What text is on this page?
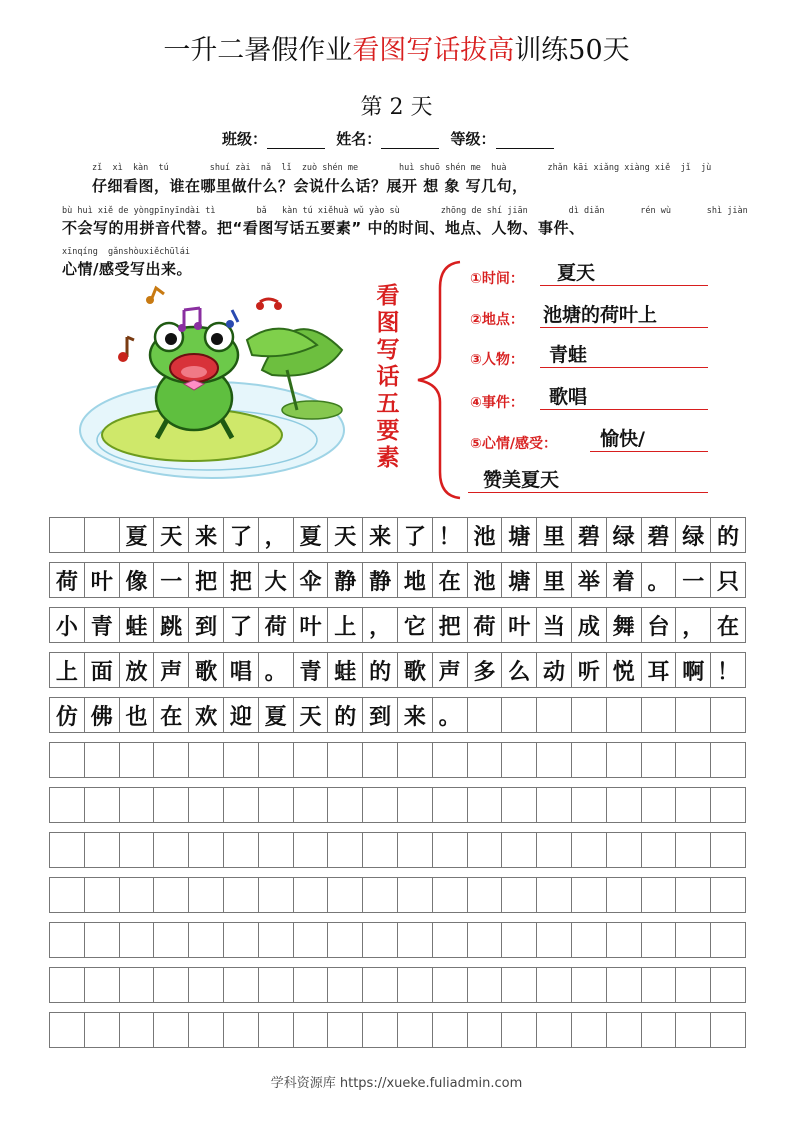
一升二暑假作业看图写话拔高训练50天
第 2 天
班级：	姓名：	等级：
zǐ  xì  kàn  tú        shuí zài  nǎ  lǐ  zuò shén me        huì shuō shén me  huà        zhǎn kāi xiǎng xiàng xiě  jǐ  jù
仔细看图，谁在哪里做什么？会说什么话？展开 想 象 写几句，
bù huì xiě de yòngpīnyīndài tì        bǎ   kàn tú xiěhuà wǔ yào sù        zhōng de shí jiān        dì diǎn       rén wù       shì jiàn
不会写的用拼音代替。把“看图写话五要素” 中的时间、地点、人物、事件、
xīnqíng  gǎnshòuxiěchūlái
心情/感受写出来。
看
图
写
话
五
要
素
①时间： 夏天
②地点： 池塘的荷叶上
③人物： 青蛙
④事件： 歌唱
⑤心情/感受： 愉快/
赞美夏天
夏 天 来 了 ， 夏 天 来 了 ！ 池 塘 里 碧 绿 碧 绿 的
荷 叶 像 一 把 把 大 伞 静 静 地 在 池 塘 里 举 着 。 一 只
小 青 蛙 跳 到 了 荷 叶 上 ， 它 把 荷 叶 当 成 舞 台 ， 在
上 面 放 声 歌 唱 。 青 蛙 的 歌 声 多 么 动 听 悦 耳 啊 ！
仿 佛 也 在 欢 迎 夏 天 的 到 来 。
学科资源库 https://xueke.fuliadmin.com
